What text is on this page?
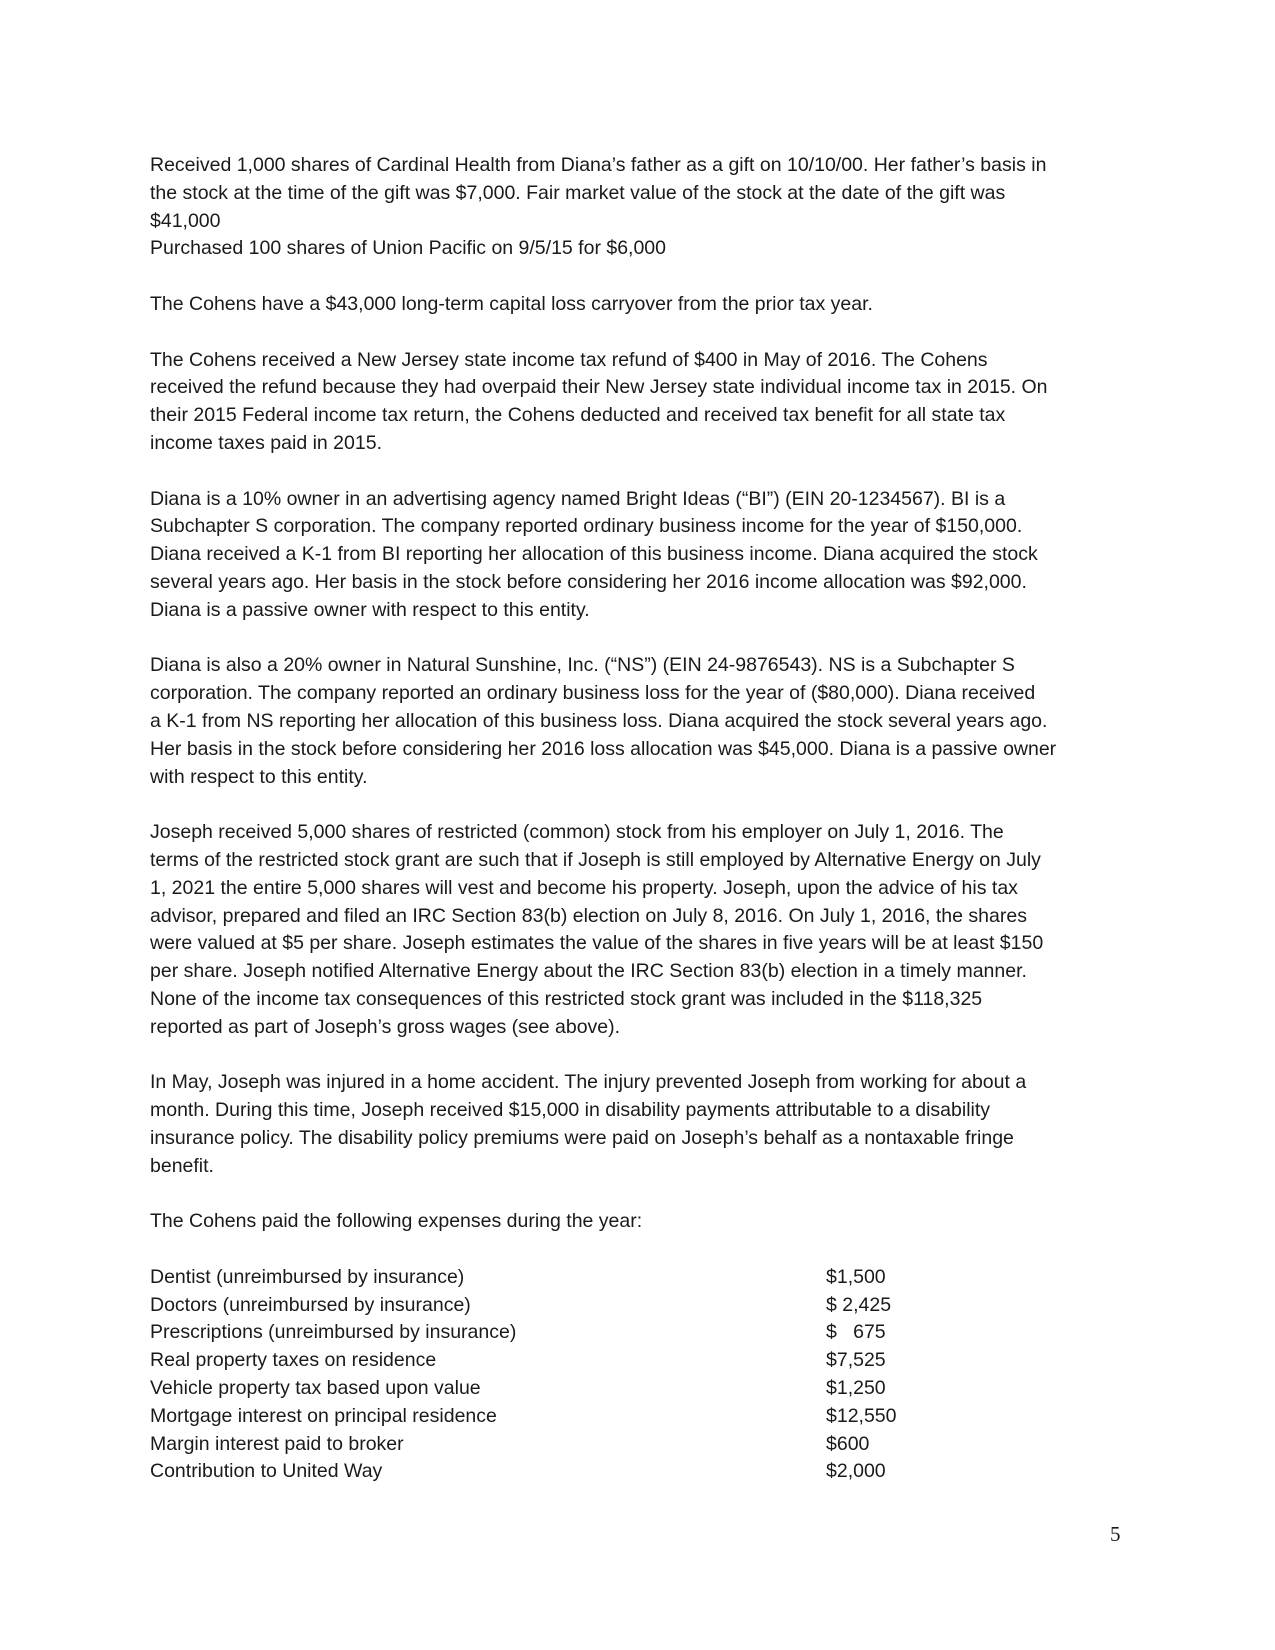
Received 1,000 shares of Cardinal Health from Diana’s father as a gift on 10/10/00. Her father’s basis in
the stock at the time of the gift was $7,000. Fair market value of the stock at the date of the gift was
$41,000
Purchased 100 shares of Union Pacific on 9/5/15 for $6,000

The Cohens have a $43,000 long-term capital loss carryover from the prior tax year.

The Cohens received a New Jersey state income tax refund of $400 in May of 2016. The Cohens
received the refund because they had overpaid their New Jersey state individual income tax in 2015. On
their 2015 Federal income tax return, the Cohens deducted and received tax benefit for all state tax
income taxes paid in 2015.

Diana is a 10% owner in an advertising agency named Bright Ideas (“BI”) (EIN 20-1234567). BI is a
Subchapter S corporation. The company reported ordinary business income for the year of $150,000.
Diana received a K-1 from BI reporting her allocation of this business income. Diana acquired the stock
several years ago. Her basis in the stock before considering her 2016 income allocation was $92,000.
Diana is a passive owner with respect to this entity.

Diana is also a 20% owner in Natural Sunshine, Inc. (“NS”) (EIN 24-9876543). NS is a Subchapter S
corporation. The company reported an ordinary business loss for the year of ($80,000). Diana received
a K-1 from NS reporting her allocation of this business loss. Diana acquired the stock several years ago.
Her basis in the stock before considering her 2016 loss allocation was $45,000. Diana is a passive owner
with respect to this entity.

Joseph received 5,000 shares of restricted (common) stock from his employer on July 1, 2016. The
terms of the restricted stock grant are such that if Joseph is still employed by Alternative Energy on July
1, 2021 the entire 5,000 shares will vest and become his property. Joseph, upon the advice of his tax
advisor, prepared and filed an IRC Section 83(b) election on July 8, 2016. On July 1, 2016, the shares
were valued at $5 per share. Joseph estimates the value of the shares in five years will be at least $150
per share. Joseph notified Alternative Energy about the IRC Section 83(b) election in a timely manner.
None of the income tax consequences of this restricted stock grant was included in the $118,325
reported as part of Joseph’s gross wages (see above).

In May, Joseph was injured in a home accident. The injury prevented Joseph from working for about a
month. During this time, Joseph received $15,000 in disability payments attributable to a disability
insurance policy. The disability policy premiums were paid on Joseph’s behalf as a nontaxable fringe
benefit.

The Cohens paid the following expenses during the year:

Dentist (unreimbursed by insurance)	$1,500
Doctors (unreimbursed by insurance)	$ 2,425
Prescriptions (unreimbursed by insurance)	$   675
Real property taxes on residence	$7,525
Vehicle property tax based upon value	$1,250
Mortgage interest on principal residence	$12,550
Margin interest paid to broker	$600
Contribution to United Way	$2,000
5
